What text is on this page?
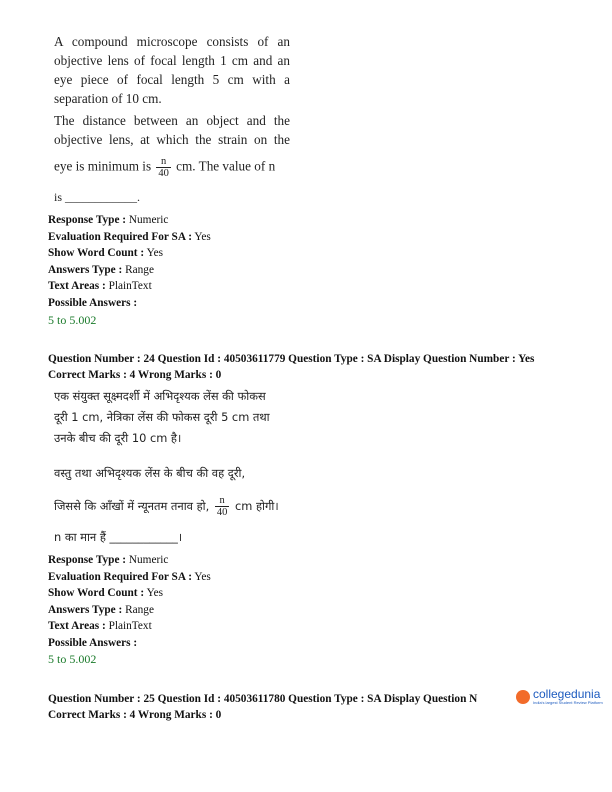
A compound microscope consists of an
objective lens of focal length 1 cm and an
eye piece of focal length 5 cm with a
separation of 10 cm.
The distance between an object and the
objective lens, at which the strain on the
eye is minimum is $\frac{n}{40}$ cm. The value of n
is ____________.
Response Type : Numeric
Evaluation Required For SA : Yes
Show Word Count : Yes
Answers Type : Range
Text Areas : PlainText
Possible Answers :
5 to 5.002
Question Number : 24 Question Id : 40503611779 Question Type : SA Display Question Number : Yes
Correct Marks : 4 Wrong Marks : 0
एक संयुक्त सूक्ष्मदर्शी में अभिदृश्यक लेंस की फोकस
दूरी 1 cm, नेत्रिका लेंस की फोकस दूरी 5 cm तथा
उनके बीच की दूरी 10 cm है।
वस्तु तथा अभिदृश्यक लेंस के बीच की वह दूरी,
जिससे कि आँखों में न्यूनतम तनाव हो, $\frac{n}{40}$ cm होगी।
n का मान हैं ____________।
Response Type : Numeric
Evaluation Required For SA : Yes
Show Word Count : Yes
Answers Type : Range
Text Areas : PlainText
Possible Answers :
5 to 5.002
Question Number : 25 Question Id : 40503611780 Question Type : SA Display Question N
Correct Marks : 4 Wrong Marks : 0
collegedunia
India's largest Student Review Platform
